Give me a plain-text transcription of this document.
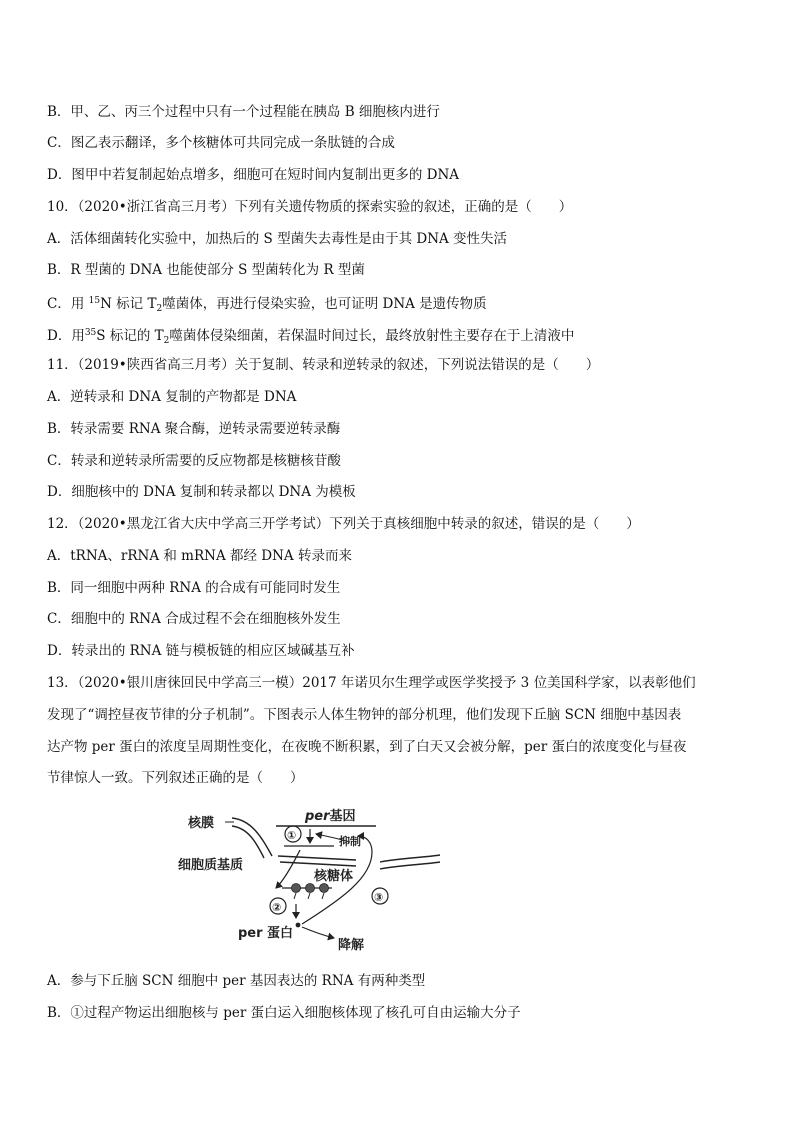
B．甲、乙、丙三个过程中只有一个过程能在胰岛 B 细胞核内进行
C．图乙表示翻译，多个核糖体可共同完成一条肽链的合成
D．图甲中若复制起始点增多，细胞可在短时间内复制出更多的 DNA
10．（2020•浙江省高三月考）下列有关遗传物质的探索实验的叙述，正确的是（　　）
A．活体细菌转化实验中，加热后的 S 型菌失去毒性是由于其 DNA 变性失活
B．R 型菌的 DNA 也能使部分 S 型菌转化为 R 型菌
C．用 $^{15}$N 标记 $T_2$噬菌体，再进行侵染实验，也可证明 DNA 是遗传物质
D．用$^{35}$S 标记的 $T_2$噬菌体侵染细菌，若保温时间过长，最终放射性主要存在于上清液中
11．（2019•陕西省高三月考）关于复制、转录和逆转录的叙述，下列说法错误的是（　　）
A．逆转录和 DNA 复制的产物都是 DNA
B．转录需要 RNA 聚合酶，逆转录需要逆转录酶
C．转录和逆转录所需要的反应物都是核糖核苷酸
D．细胞核中的 DNA 复制和转录都以 DNA 为模板
12．（2020•黑龙江省大庆中学高三开学考试）下列关于真核细胞中转录的叙述，错误的是（　　）
A．tRNA、rRNA 和 mRNA 都经 DNA 转录而来
B．同一细胞中两种 RNA 的合成有可能同时发生
C．细胞中的 RNA 合成过程不会在细胞核外发生
D．转录出的 RNA 链与模板链的相应区域碱基互补
13．（2020•银川唐徕回民中学高三一模）2017 年诺贝尔生理学或医学奖授予 3 位美国科学家，以表彰他们
发现了“调控昼夜节律的分子机制”。下图表示人体生物钟的部分机理，他们发现下丘脑 SCN 细胞中基因表
达产物 per 蛋白的浓度呈周期性变化，在夜晚不断积累，到了白天又会被分解，per 蛋白的浓度变化与昼夜
节律惊人一致。下列叙述正确的是（　　）
核膜
细胞质基质
per基因
抑制
核糖体
per 蛋白
降解
①
②
③
A．参与下丘脑 SCN 细胞中 per 基因表达的 RNA 有两种类型
B．①过程产物运出细胞核与 per 蛋白运入细胞核体现了核孔可自由运输大分子
